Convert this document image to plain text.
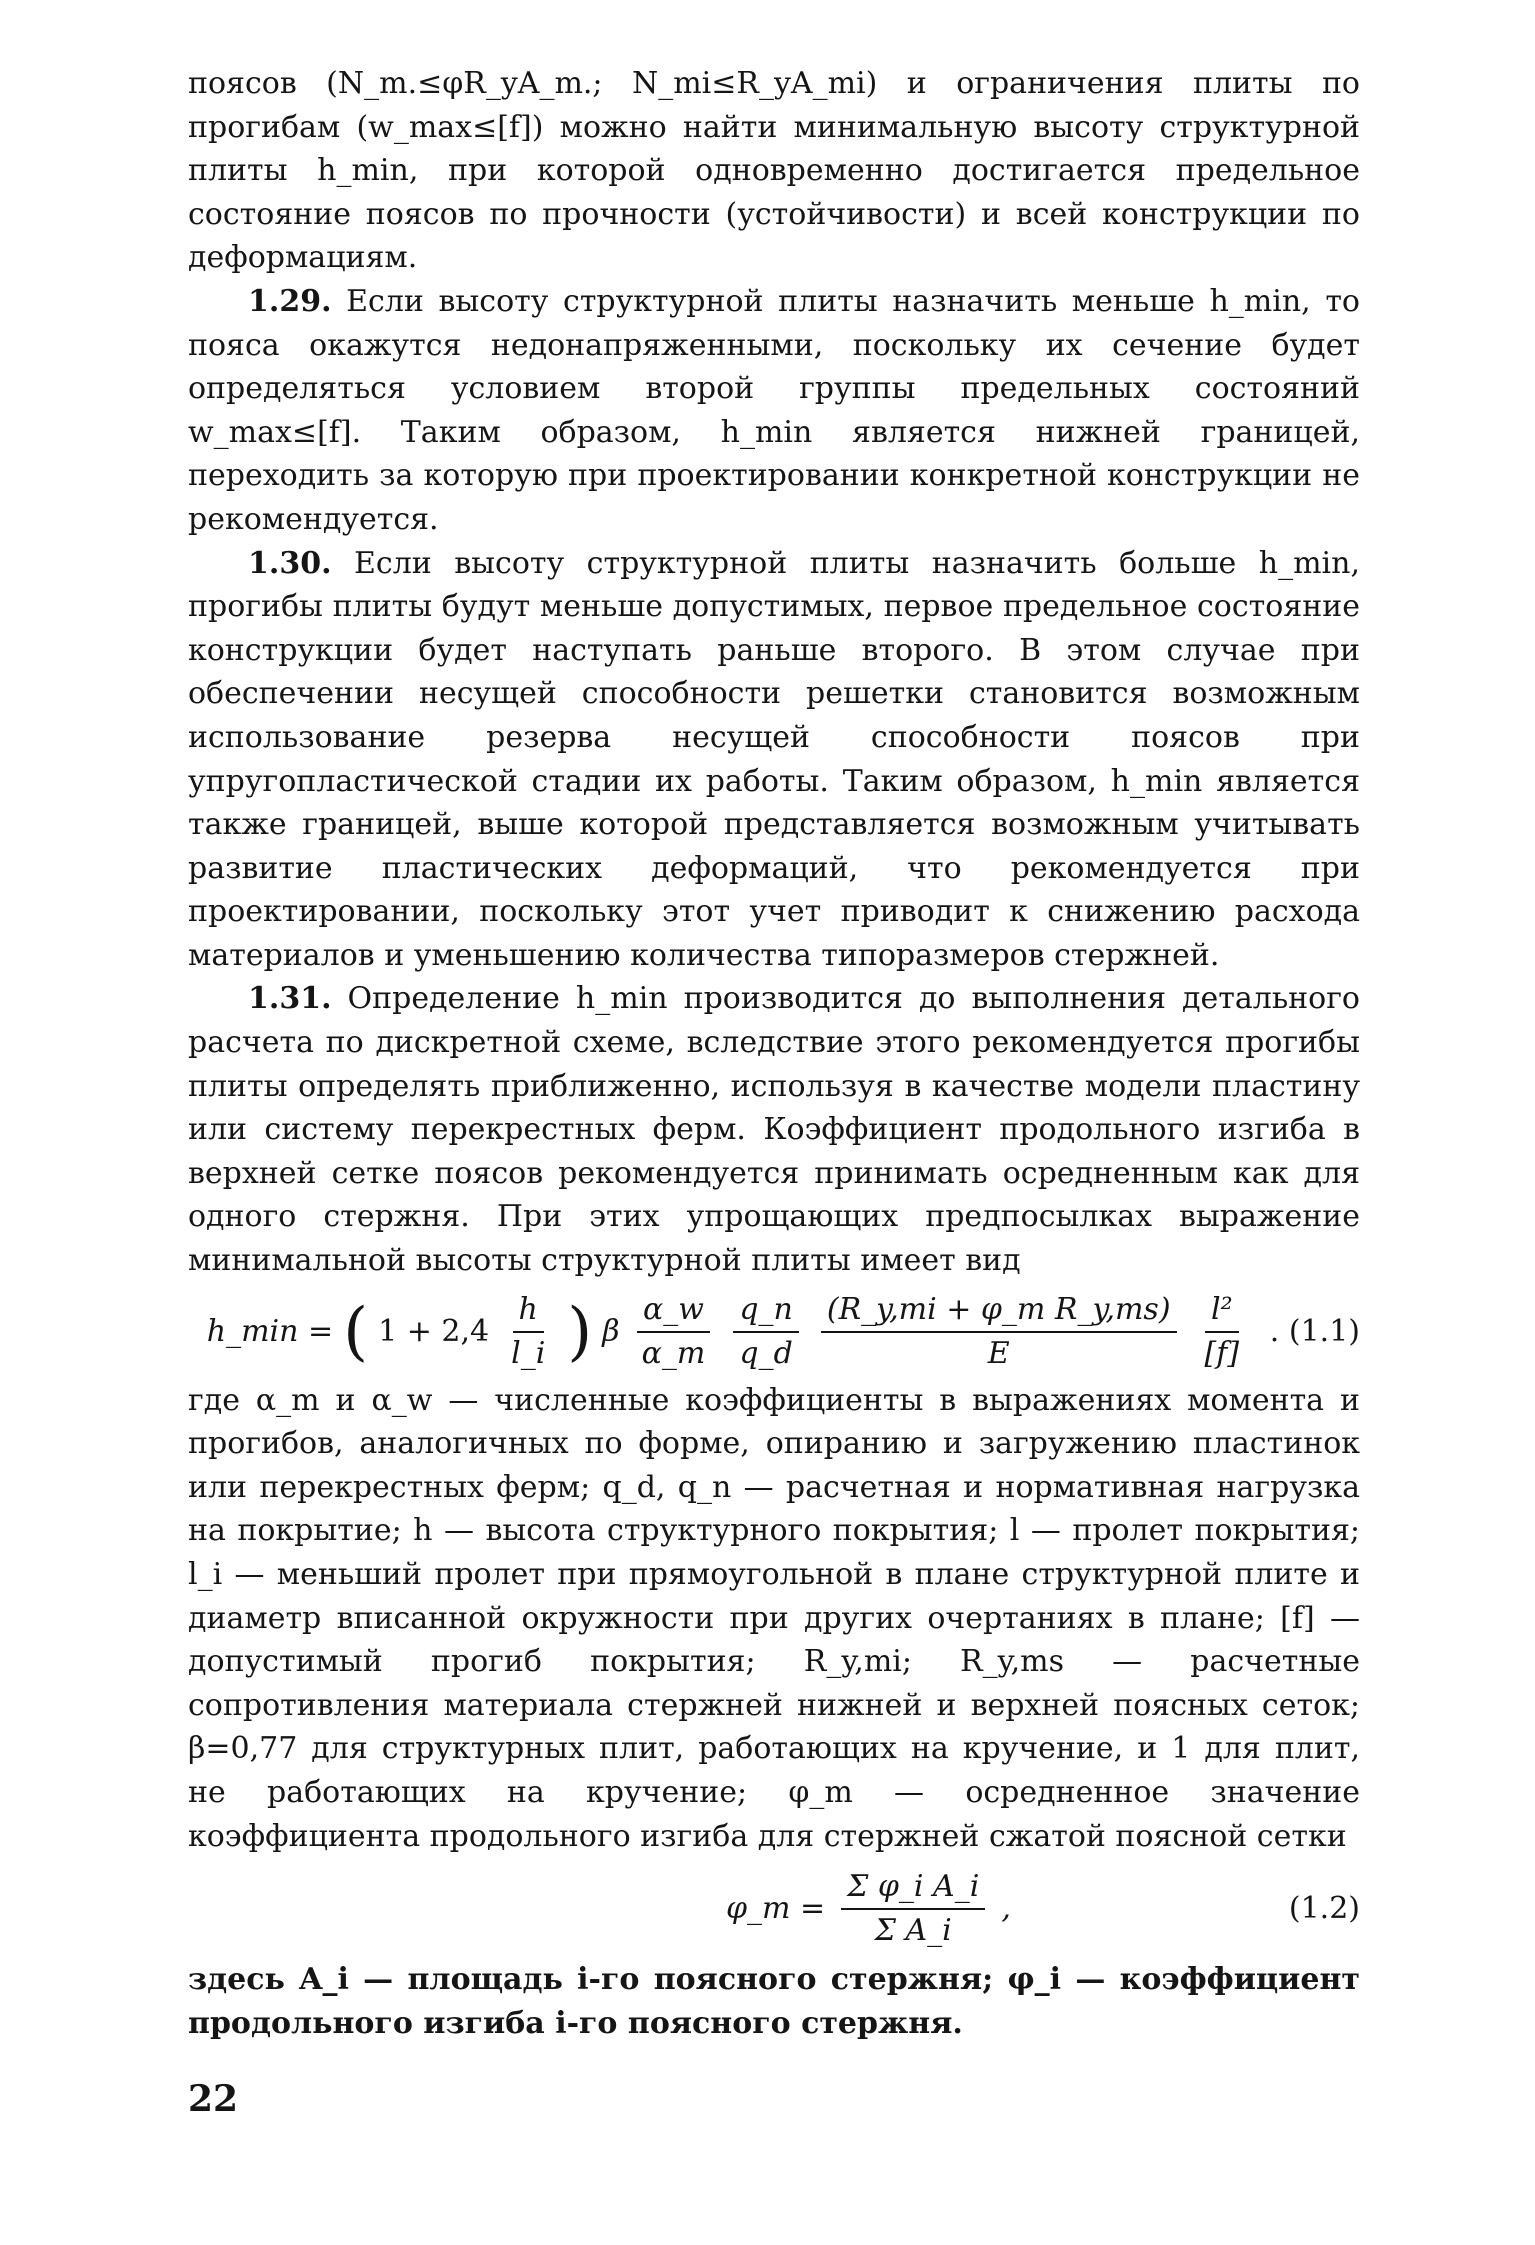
поясов (N_m.≤φR_yA_m.; N_mi≤R_yA_mi) и ограничения плиты по прогибам (w_max≤[f]) можно найти минимальную высоту структурной плиты h_min, при которой одновременно достигается предельное состояние поясов по прочности (устойчивости) и всей конструкции по деформациям.

1.29. Если высоту структурной плиты назначить меньше h_min, то пояса окажутся недонапряженными, поскольку их сечение будет определяться условием второй группы предельных состояний w_max≤[f]. Таким образом, h_min является нижней границей, переходить за которую при проектировании конкретной конструкции не рекомендуется.

1.30. Если высоту структурной плиты назначить больше h_min, прогибы плиты будут меньше допустимых, первое предельное состояние конструкции будет наступать раньше второго. В этом случае при обеспечении несущей способности решетки становится возможным использование резерва несущей способности поясов при упругопластической стадии их работы. Таким образом, h_min является также границей, выше которой представляется возможным учитывать развитие пластических деформаций, что рекомендуется при проектировании, поскольку этот учет приводит к снижению расхода материалов и уменьшению количества типоразмеров стержней.

1.31. Определение h_min производится до выполнения детального расчета по дискретной схеме, вследствие этого рекомендуется прогибы плиты определять приближенно, используя в качестве модели пластину или систему перекрестных ферм. Коэффициент продольного изгиба в верхней сетке поясов рекомендуется принимать осредненным как для одного стержня. При этих упрощающих предпосылках выражение минимальной высоты структурной плиты имеет вид

h_min = ( $1 + 2,4 \frac{h}{l\_i}$ ) β $\frac{\alpha\_w}{\alpha\_m} \frac{q\_n}{q\_d} \frac{\text{(R\_y,mi + φ\_m R\_y,ms)}}{E} \frac{\text{l²}}{[f]}$ . (1.1)

где α_m и α_w — численные коэффициенты в выражениях момента и прогибов, аналогичных по форме, опиранию и загружению пластинок или перекрестных ферм; q_d, q_n — расчетная и нормативная нагрузка на покрытие; h — высота структурного покрытия; l — пролет покрытия; l_i — меньший пролет при прямоугольной в плане структурной плите и диаметр вписанной окружности при других очертаниях в плане; [f] — допустимый прогиб покрытия; R_y,mi; R_y,ms — расчетные сопротивления материала стержней нижней и верхней поясных сеток; β=0,77 для структурных плит, работающих на кручение, и 1 для плит, не работающих на кручение; φ_m — осредненное значение коэффициента продольного изгиба для стержней сжатой поясной сетки

φ_m = $\frac{\text{Σ φ\_i A\_i}}{\text{Σ A\_i}}$ ,	(1.2)

здесь A_i — площадь i-го поясного стержня; φ_i — коэффициент продольного изгиба i-го поясного стержня.

22
